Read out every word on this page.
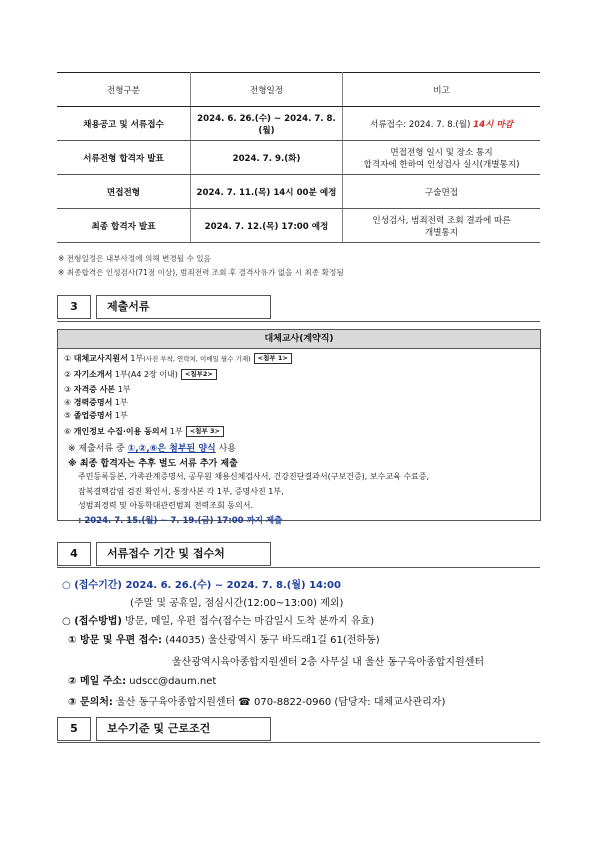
전형구분	전형일정	비고
채용공고 및 서류접수	2024. 6. 26.(수) ~ 2024. 7. 8.(월)	서류접수: 2024. 7. 8.(월) 14시 마감
서류전형 합격자 발표	2024. 7. 9.(화)	면접전형 일시 및 장소 통지
합격자에 한하여 인성검사 실시(개별통지)

면접전형	2024. 7. 11.(목) 14시 00분 예정	구술면접
최종 합격자 발표	2024. 7. 12.(목) 17:00 예정	인성검사, 범죄전력 조회 결과에 따른
개별통지
※ 전형일정은 내부사정에 의해 변경될 수 있음
※ 최종합격은 인성검사(71점 이상), 범죄전력 조회 후 결격사유가 없을 시 최종 확정됨
3	제출서류
대체교사(계약직)
① 대체교사지원서 1부(사진 부착, 연락처, 이메일 필수 기재) <첨부 1>
② 자기소개서 1부(A4 2장 이내) <첨부2>
③ 자격증 사본 1부
④ 경력증명서 1부
⑤ 졸업증명서 1부
⑥ 개인정보 수집·이용 동의서 1부 <첨부 3>
※ 제출서류 중 ①,②,⑥은 첨부된 양식 사용
※ 최종 합격자는 추후 별도 서류 추가 제출
주민등록등본, 가족관계증명서, 공무원 채용신체검사서, 건강진단결과서(구보건증), 보수교육 수료증,
잠복결핵감염 검진 확인서, 통장사본 각 1부, 증명사진 1부,
성범죄경력 및 아동학대관련범죄 전력조회 동의서.
: 2024. 7. 15.(월) ~ 7. 19.(금) 17:00 까지 제출
4	서류접수 기간 및 접수처
○ (접수기간) 2024. 6. 26.(수) ~ 2024. 7. 8.(월) 14:00
(주말 및 공휴일, 점심시간(12:00~13:00) 제외)
○ (접수방법) 방문, 메일, 우편 접수(접수는 마감일시 도착 분까지 유효)
① 방문 및 우편 접수: (44035) 울산광역시 동구 바드래1길 61(전하동)
울산광역시육아종합지원센터 2층 사무실 내 울산 동구육아종합지원센터
② 메일 주소: udscc@daum.net
③ 문의처: 울산 동구육아종합지원센터 ☎ 070-8822-0960 (담당자: 대체교사관리자)
5	보수기준 및 근로조건
